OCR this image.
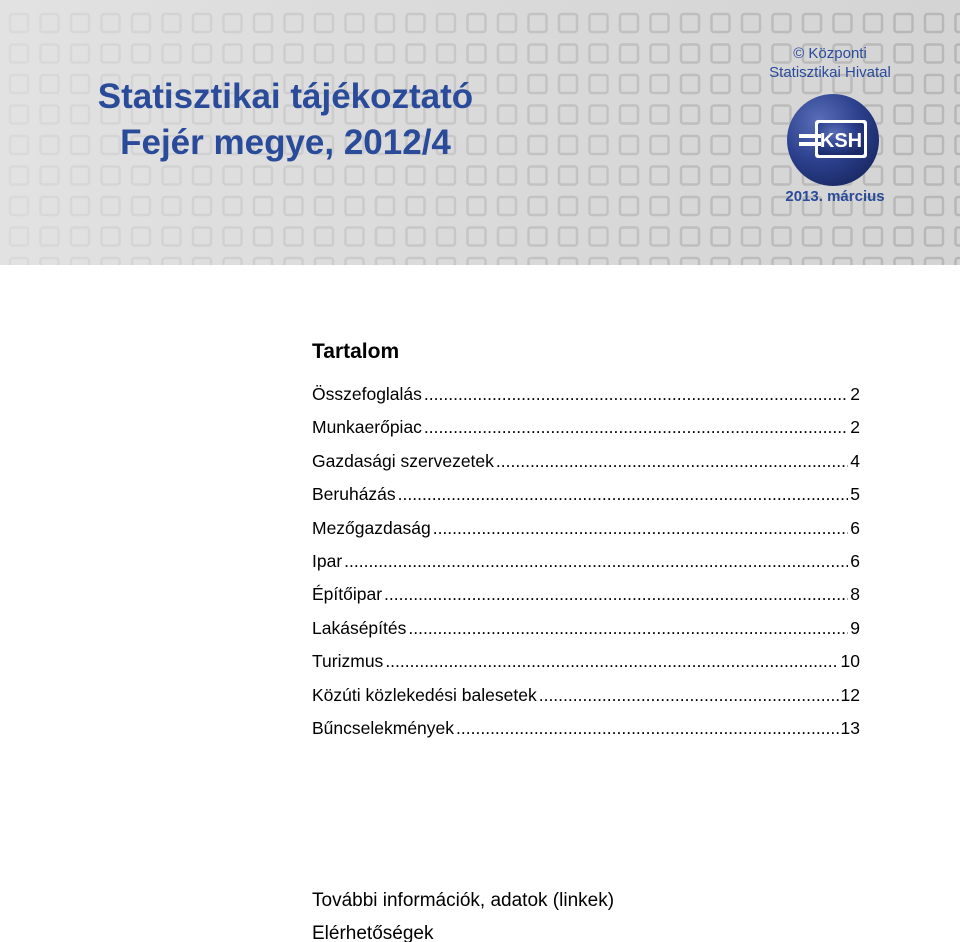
Statisztikai tájékoztató
Fejér megye, 2012/4
© Központi
Statisztikai Hivatal
KSH
2013. március
Tartalom
Összefoglalás .....	2
Munkaerőpiac .....	2
Gazdasági szervezetek .....	4
Beruházás .....	5
Mezőgazdaság .....	6
Ipar .....	6
Építőipar .....	8
Lakásépítés .....	9
Turizmus .....	10
Közúti közlekedési balesetek .....	12
Bűncselekmények .....	13
További információk, adatok (linkek)
Elérhetőségek
